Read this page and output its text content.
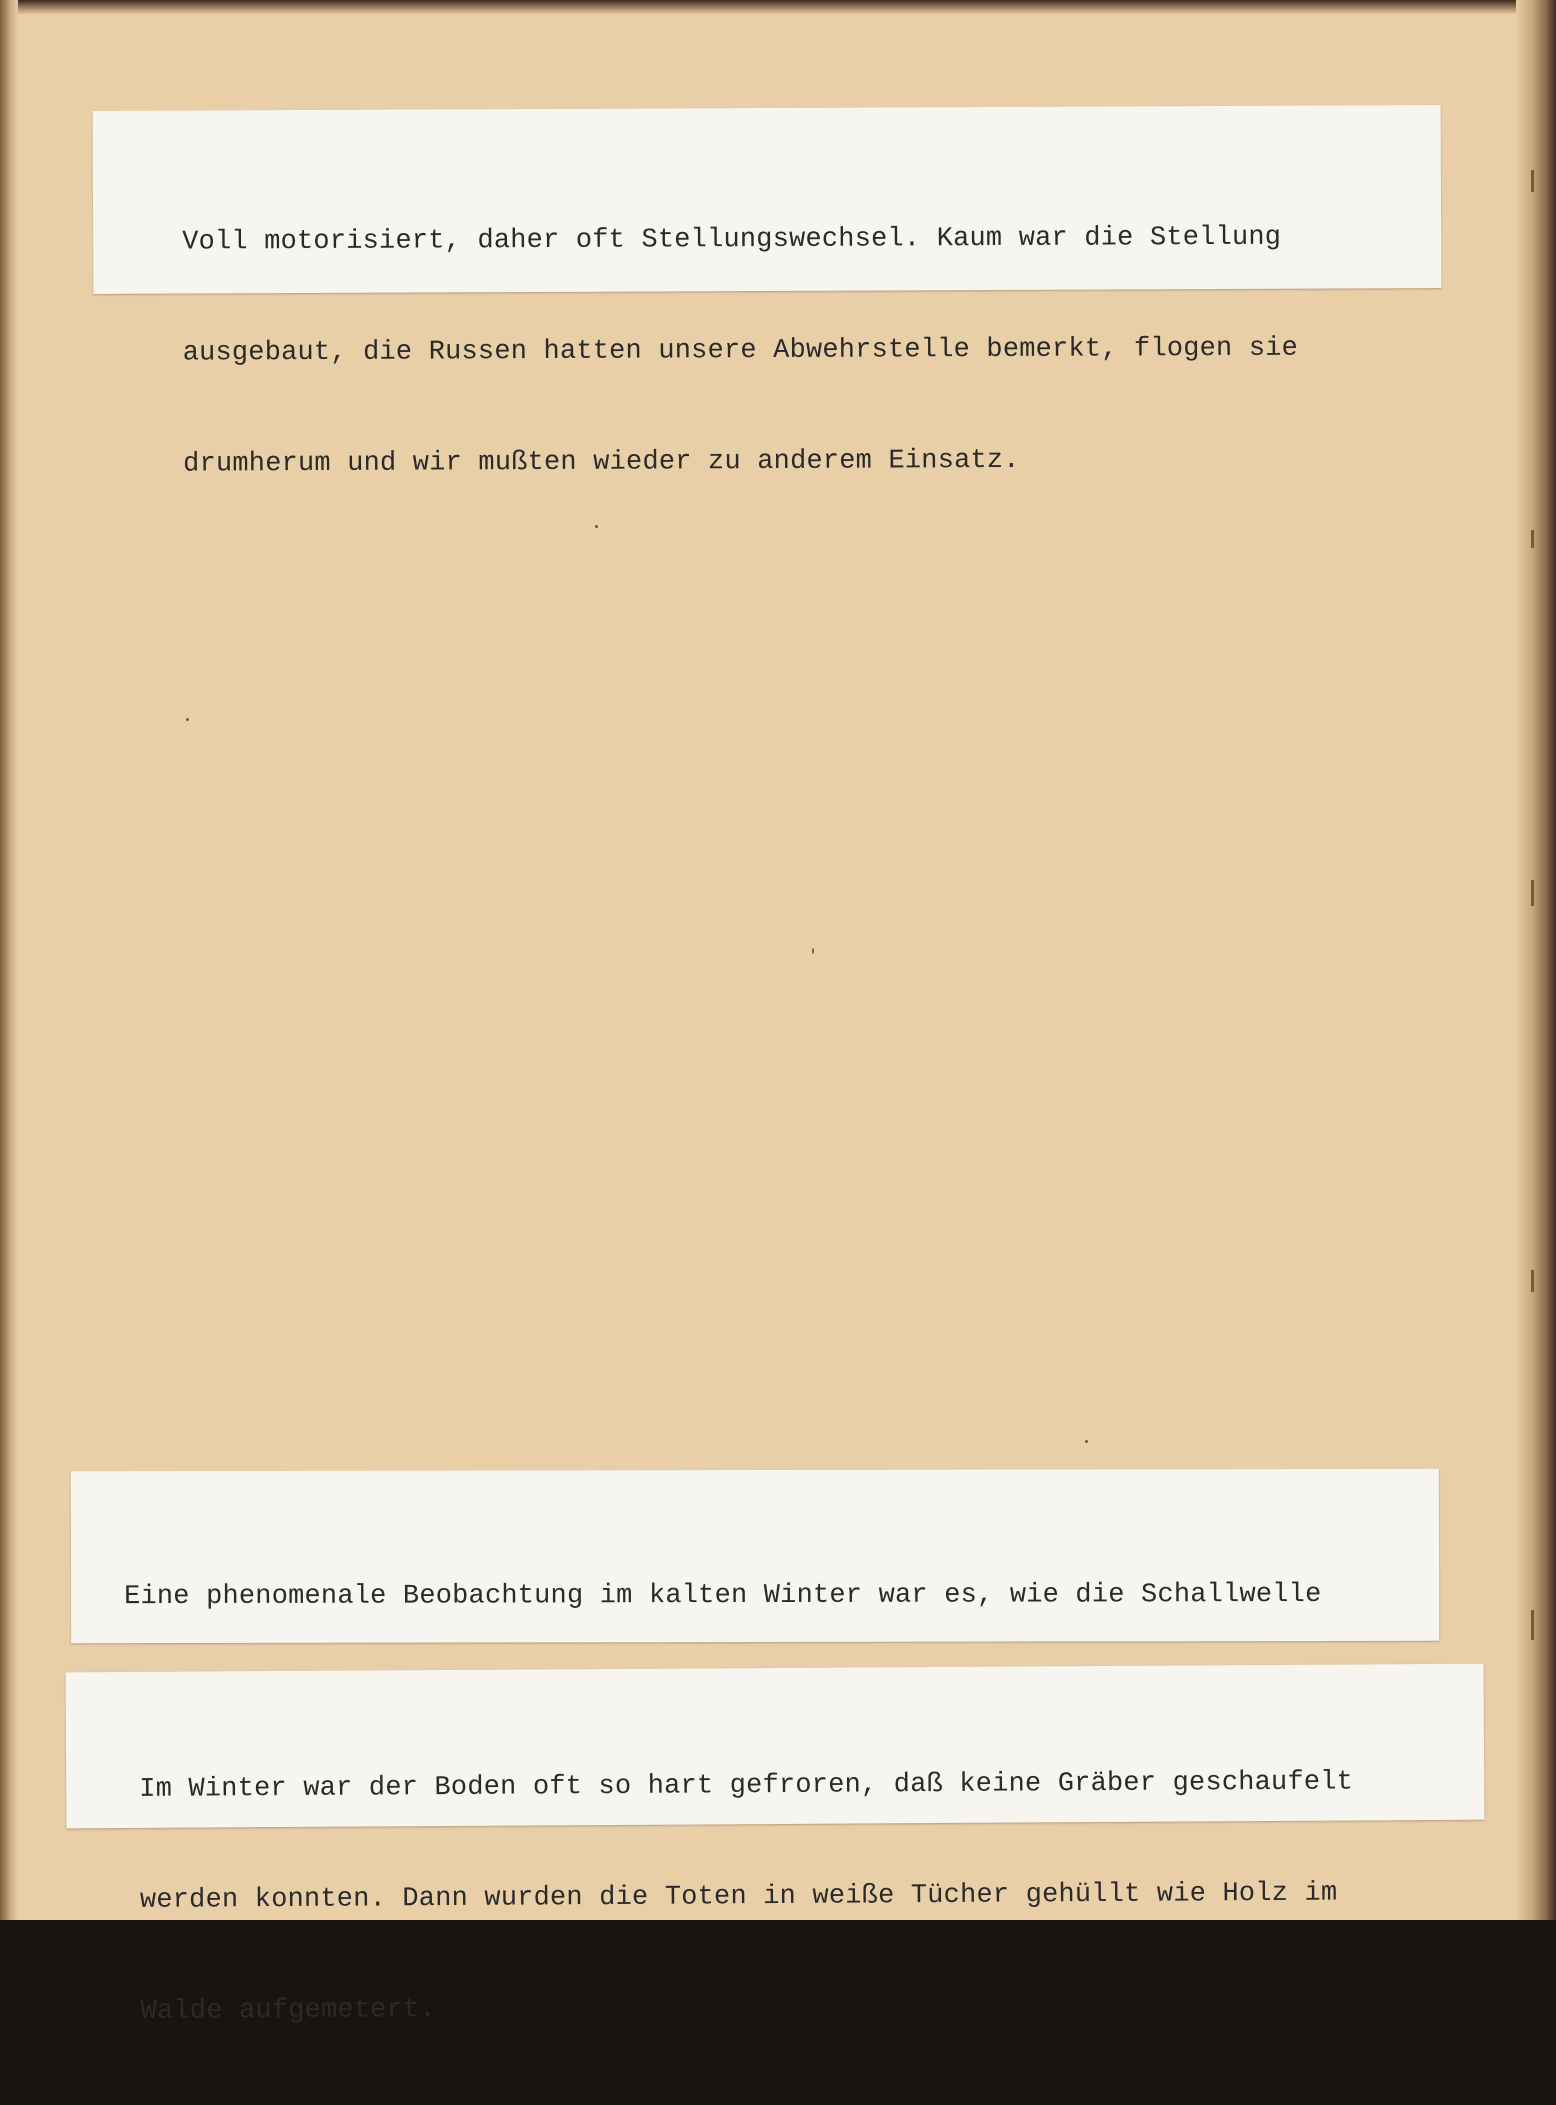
Voll motorisiert, daher oft Stellungswechsel. Kaum war die Stellung

ausgebaut, die Russen hatten unsere Abwehrstelle bemerkt, flogen sie

drumherum und wir mußten wieder zu anderem Einsatz.

Eine phenomenale Beobachtung im kalten Winter war es, wie die Schallwelle

Im Winter war der Boden oft so hart gefroren, daß keine Gräber geschaufelt

werden konnten. Dann wurden die Toten in weiße Tücher gehüllt wie Holz im

Walde aufgemetert.
